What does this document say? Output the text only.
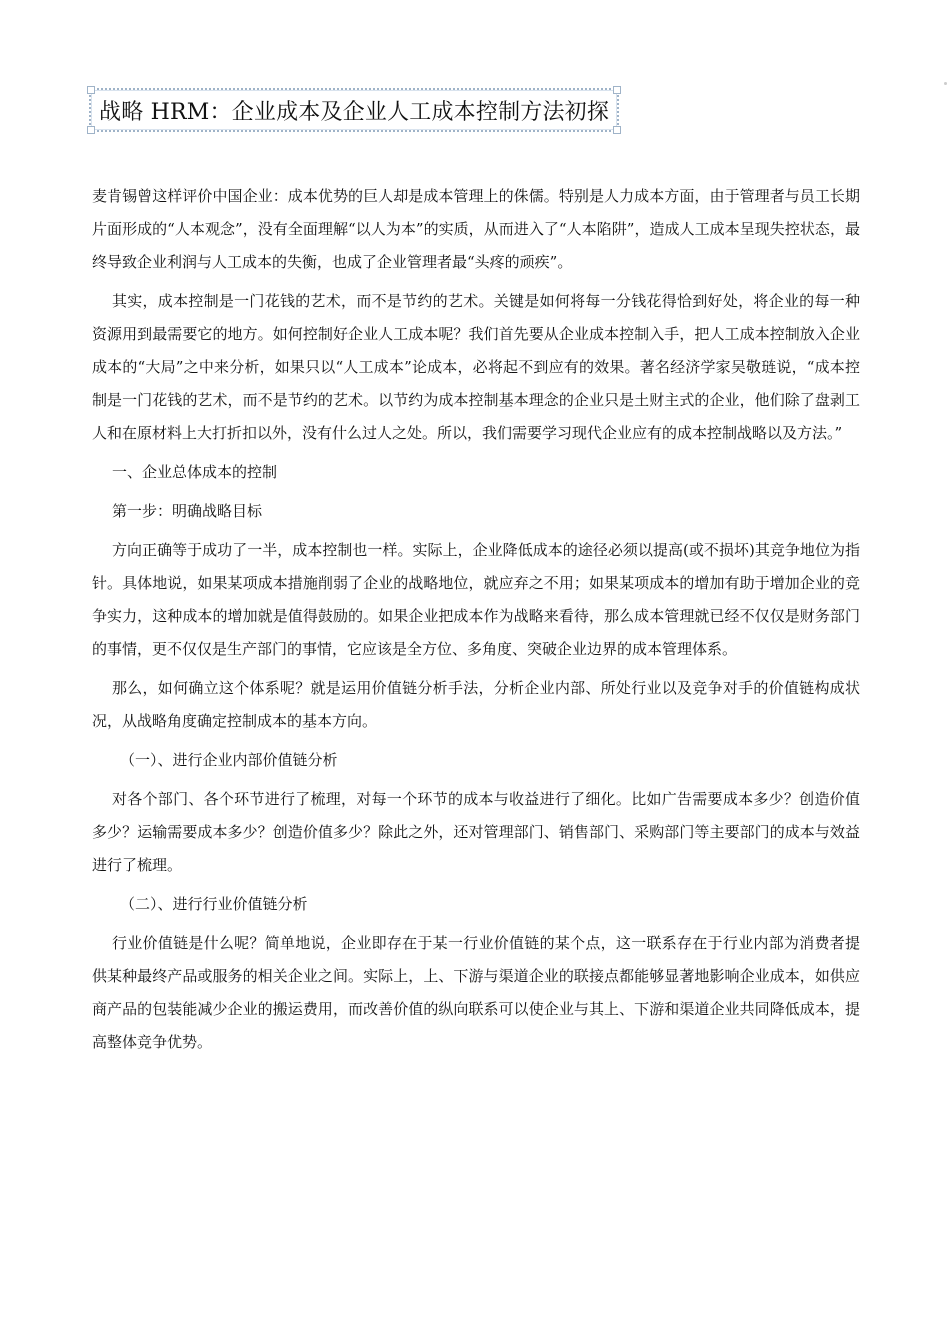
战略 HRM：企业成本及企业人工成本控制方法初探

麦肯锡曾这样评价中国企业：成本优势的巨人却是成本管理上的侏儒。特别是人力成本方面，由于管理者与员工长期片面形成的“人本观念”，没有全面理解“以人为本”的实质，从而进入了“人本陷阱”，造成人工成本呈现失控状态，最终导致企业利润与人工成本的失衡，也成了企业管理者最“头疼的顽疾”。

其实，成本控制是一门花钱的艺术，而不是节约的艺术。关键是如何将每一分钱花得恰到好处，将企业的每一种资源用到最需要它的地方。如何控制好企业人工成本呢？我们首先要从企业成本控制入手，把人工成本控制放入企业成本的“大局”之中来分析，如果只以“人工成本”论成本，必将起不到应有的效果。著名经济学家吴敬琏说，“成本控制是一门花钱的艺术，而不是节约的艺术。以节约为成本控制基本理念的企业只是土财主式的企业，他们除了盘剥工人和在原材料上大打折扣以外，没有什么过人之处。所以，我们需要学习现代企业应有的成本控制战略以及方法。”

一、企业总体成本的控制

第一步：明确战略目标

方向正确等于成功了一半，成本控制也一样。实际上，企业降低成本的途径必须以提高(或不损坏)其竞争地位为指针。具体地说，如果某项成本措施削弱了企业的战略地位，就应弃之不用；如果某项成本的增加有助于增加企业的竞争实力，这种成本的增加就是值得鼓励的。如果企业把成本作为战略来看待，那么成本管理就已经不仅仅是财务部门的事情，更不仅仅是生产部门的事情，它应该是全方位、多角度、突破企业边界的成本管理体系。

那么，如何确立这个体系呢？就是运用价值链分析手法，分析企业内部、所处行业以及竞争对手的价值链构成状况，从战略角度确定控制成本的基本方向。

（一）、进行企业内部价值链分析

对各个部门、各个环节进行了梳理，对每一个环节的成本与收益进行了细化。比如广告需要成本多少？创造价值多少？运输需要成本多少？创造价值多少？除此之外，还对管理部门、销售部门、采购部门等主要部门的成本与效益进行了梳理。

（二）、进行行业价值链分析

行业价值链是什么呢？简单地说，企业即存在于某一行业价值链的某个点，这一联系存在于行业内部为消费者提供某种最终产品或服务的相关企业之间。实际上，上、下游与渠道企业的联接点都能够显著地影响企业成本，如供应商产品的包装能减少企业的搬运费用，而改善价值的纵向联系可以使企业与其上、下游和渠道企业共同降低成本，提高整体竞争优势。
